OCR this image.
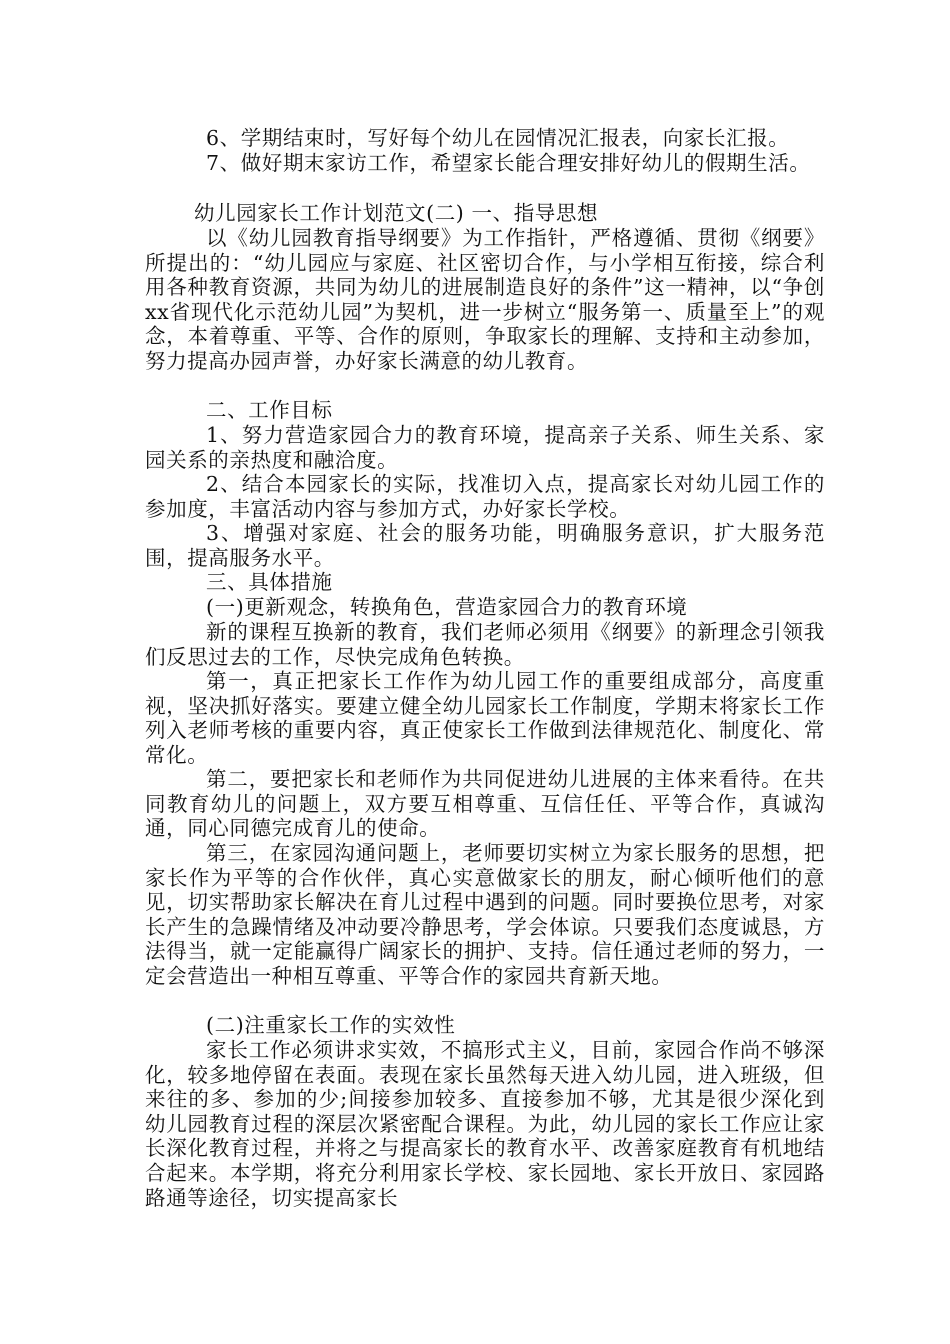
6、学期结束时，写好每个幼儿在园情况汇报表，向家长汇报。

7、做好期末家访工作，希望家长能合理安排好幼儿的假期生活。

幼儿园家长工作计划范文(二) 一、指导思想

以《幼儿园教育指导纲要》为工作指针，严格遵循、贯彻《纲要》所提出的：“幼儿园应与家庭、社区密切合作，与小学相互衔接，综合利用各种教育资源，共同为幼儿的进展制造良好的条件”这一精神，以“争创xx省现代化示范幼儿园”为契机，进一步树立“服务第一、质量至上”的观念，本着尊重、平等、合作的原则，争取家长的理解、支持和主动参加，努力提高办园声誉，办好家长满意的幼儿教育。

二、工作目标

1、努力营造家园合力的教育环境，提高亲子关系、师生关系、家园关系的亲热度和融洽度。

2、结合本园家长的实际，找准切入点，提高家长对幼儿园工作的参加度，丰富活动内容与参加方式，办好家长学校。

3、增强对家庭、社会的服务功能，明确服务意识，扩大服务范围，提高服务水平。

三、具体措施

(一)更新观念，转换角色，营造家园合力的教育环境

新的课程互换新的教育，我们老师必须用《纲要》的新理念引领我们反思过去的工作，尽快完成角色转换。

第一，真正把家长工作作为幼儿园工作的重要组成部分，高度重视，坚决抓好落实。要建立健全幼儿园家长工作制度，学期末将家长工作列入老师考核的重要内容，真正使家长工作做到法律规范化、制度化、常常化。

第二，要把家长和老师作为共同促进幼儿进展的主体来看待。在共同教育幼儿的问题上，双方要互相尊重、互信任任、平等合作，真诚沟通，同心同德完成育儿的使命。

第三，在家园沟通问题上，老师要切实树立为家长服务的思想，把家长作为平等的合作伙伴，真心实意做家长的朋友，耐心倾听他们的意见，切实帮助家长解决在育儿过程中遇到的问题。同时要换位思考，对家长产生的急躁情绪及冲动要冷静思考，学会体谅。只要我们态度诚恳，方法得当，就一定能赢得广阔家长的拥护、支持。信任通过老师的努力，一定会营造出一种相互尊重、平等合作的家园共育新天地。

(二)注重家长工作的实效性

家长工作必须讲求实效，不搞形式主义，目前，家园合作尚不够深化，较多地停留在表面。表现在家长虽然每天进入幼儿园，进入班级，但来往的多、参加的少;间接参加较多、直接参加不够，尤其是很少深化到幼儿园教育过程的深层次紧密配合课程。为此，幼儿园的家长工作应让家长深化教育过程，并将之与提高家长的教育水平、改善家庭教育有机地结合起来。本学期，将充分利用家长学校、家长园地、家长开放日、家园路路通等途径，切实提高家长
